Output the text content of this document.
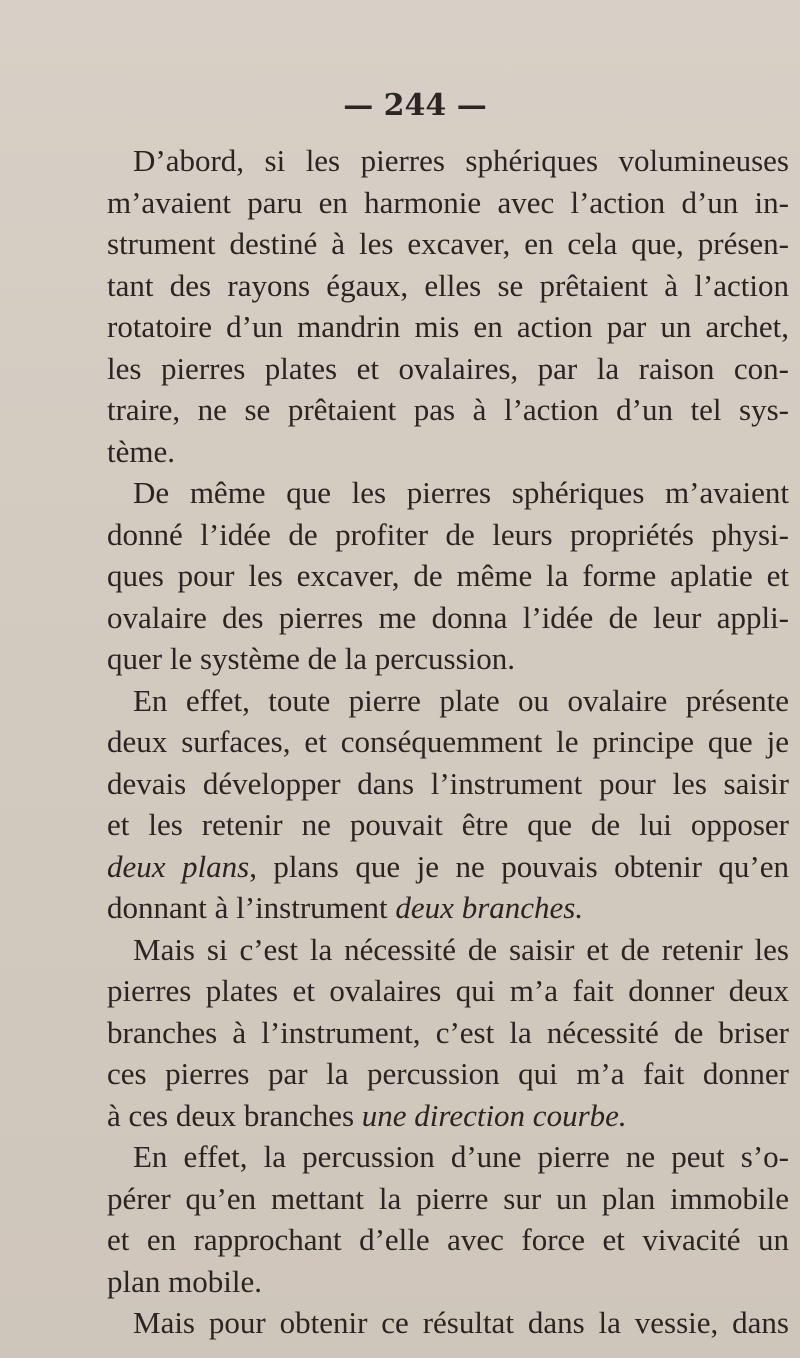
— 244 —
D’abord, si les pierres sphériques volumineuses
m’avaient paru en harmonie avec l’action d’un in-
strument destiné à les excaver, en cela que, présen-
tant des rayons égaux, elles se prêtaient à l’action
rotatoire d’un mandrin mis en action par un archet,
les pierres plates et ovalaires, par la raison con-
traire, ne se prêtaient pas à l’action d’un tel sys-
tème.
De même que les pierres sphériques m’avaient
donné l’idée de profiter de leurs propriétés physi-
ques pour les excaver, de même la forme aplatie et
ovalaire des pierres me donna l’idée de leur appli-
quer le système de la percussion.
En effet, toute pierre plate ou ovalaire présente
deux surfaces, et conséquemment le principe que je
devais développer dans l’instrument pour les saisir
et les retenir ne pouvait être que de lui opposer
deux plans, plans que je ne pouvais obtenir qu’en
donnant à l’instrument deux branches.
Mais si c’est la nécessité de saisir et de retenir les
pierres plates et ovalaires qui m’a fait donner deux
branches à l’instrument, c’est la nécessité de briser
ces pierres par la percussion qui m’a fait donner
à ces deux branches une direction courbe.
En effet, la percussion d’une pierre ne peut s’o-
pérer qu’en mettant la pierre sur un plan immobile
et en rapprochant d’elle avec force et vivacité un
plan mobile.
Mais pour obtenir ce résultat dans la vessie, dans
